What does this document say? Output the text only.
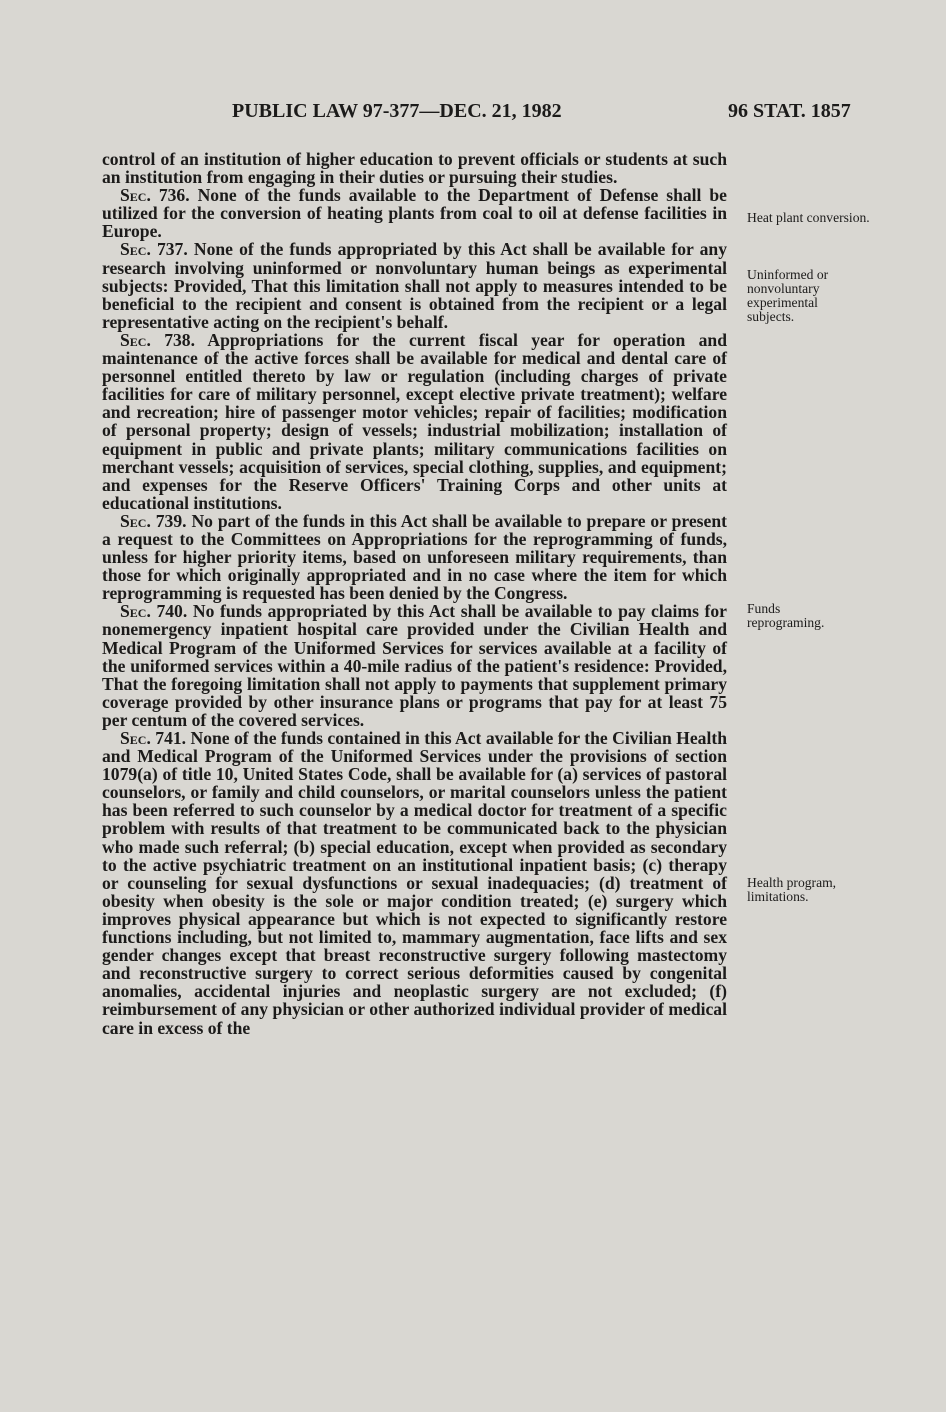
PUBLIC LAW 97-377—DEC. 21, 1982	96 STAT. 1857

control of an institution of higher education to prevent officials or students at such an institution from engaging in their duties or pursuing their studies.

Sec. 736. None of the funds available to the Department of Defense shall be utilized for the conversion of heating plants from coal to oil at defense facilities in Europe.

Sec. 737. None of the funds appropriated by this Act shall be available for any research involving uninformed or nonvoluntary human beings as experimental subjects: Provided, That this limitation shall not apply to measures intended to be beneficial to the recipient and consent is obtained from the recipient or a legal representative acting on the recipient's behalf.

Sec. 738. Appropriations for the current fiscal year for operation and maintenance of the active forces shall be available for medical and dental care of personnel entitled thereto by law or regulation (including charges of private facilities for care of military personnel, except elective private treatment); welfare and recreation; hire of passenger motor vehicles; repair of facilities; modification of personal property; design of vessels; industrial mobilization; installation of equipment in public and private plants; military communications facilities on merchant vessels; acquisition of services, special clothing, supplies, and equipment; and expenses for the Reserve Officers' Training Corps and other units at educational institutions.

Sec. 739. No part of the funds in this Act shall be available to prepare or present a request to the Committees on Appropriations for the reprogramming of funds, unless for higher priority items, based on unforeseen military requirements, than those for which originally appropriated and in no case where the item for which reprogramming is requested has been denied by the Congress.

Sec. 740. No funds appropriated by this Act shall be available to pay claims for nonemergency inpatient hospital care provided under the Civilian Health and Medical Program of the Uniformed Services for services available at a facility of the uniformed services within a 40-mile radius of the patient's residence: Provided, That the foregoing limitation shall not apply to payments that supplement primary coverage provided by other insurance plans or programs that pay for at least 75 per centum of the covered services.

Sec. 741. None of the funds contained in this Act available for the Civilian Health and Medical Program of the Uniformed Services under the provisions of section 1079(a) of title 10, United States Code, shall be available for (a) services of pastoral counselors, or family and child counselors, or marital counselors unless the patient has been referred to such counselor by a medical doctor for treatment of a specific problem with results of that treatment to be communicated back to the physician who made such referral; (b) special education, except when provided as secondary to the active psychiatric treatment on an institutional inpatient basis; (c) therapy or counseling for sexual dysfunctions or sexual inadequacies; (d) treatment of obesity when obesity is the sole or major condition treated; (e) surgery which improves physical appearance but which is not expected to significantly restore functions including, but not limited to, mammary augmentation, face lifts and sex gender changes except that breast reconstructive surgery following mastectomy and reconstructive surgery to correct serious deformities caused by congenital anomalies, accidental injuries and neoplastic surgery are not excluded; (f) reimbursement of any physician or other authorized individual provider of medical care in excess of the

Heat plant conversion.
Uninformed or nonvoluntary experimental subjects.
Funds reprograming.
Health program, limitations.
